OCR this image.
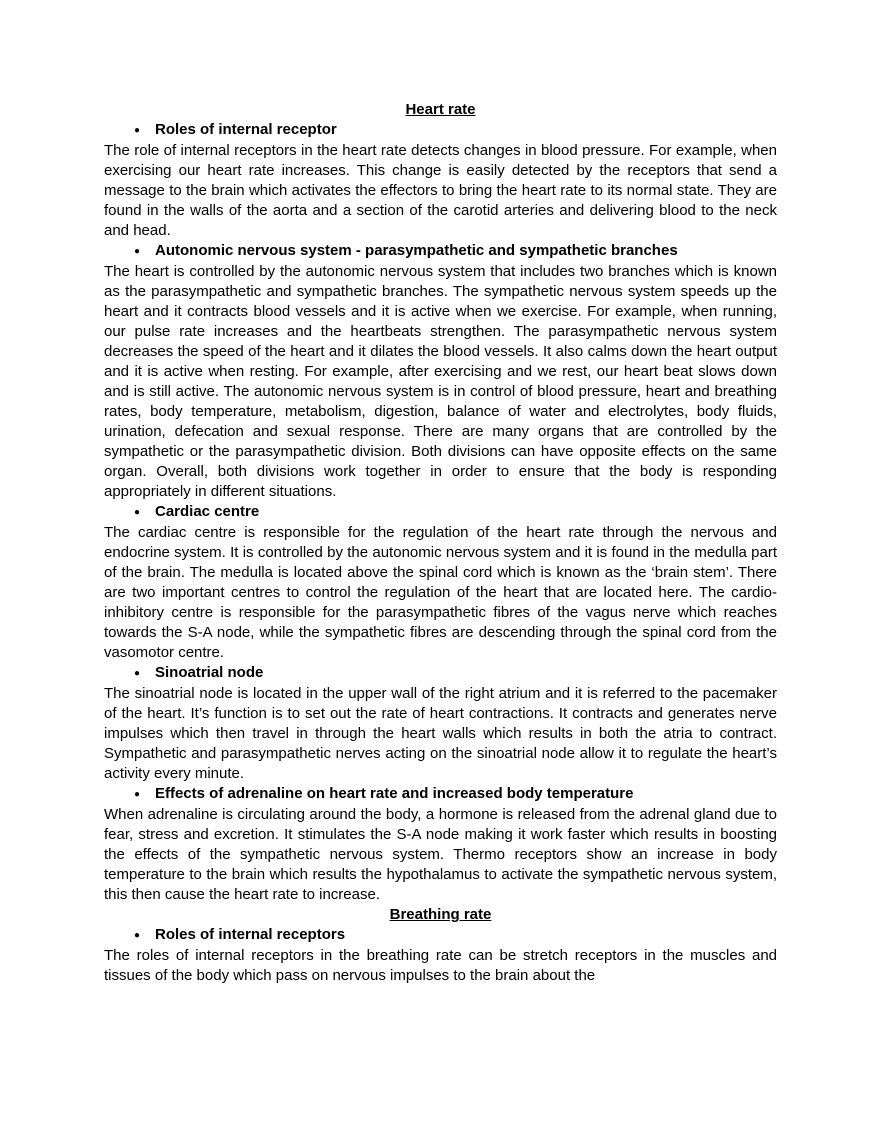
Heart rate
● Roles of internal receptor

The role of internal receptors in the heart rate detects changes in blood pressure. For example, when exercising our heart rate increases. This change is easily detected by the receptors that send a message to the brain which activates the effectors to bring the heart rate to its normal state. They are found in the walls of the aorta and a section of the carotid arteries and delivering blood to the neck and head.

● Autonomic nervous system - parasympathetic and sympathetic branches

The heart is controlled by the autonomic nervous system that includes two branches which is known as the parasympathetic and sympathetic branches. The sympathetic nervous system speeds up the heart and it contracts blood vessels and it is active when we exercise. For example, when running, our pulse rate increases and the heartbeats strengthen. The parasympathetic nervous system decreases the speed of the heart and it dilates the blood vessels. It also calms down the heart output and it is active when resting. For example, after exercising and we rest, our heart beat slows down and is still active. The autonomic nervous system is in control of blood pressure, heart and breathing rates, body temperature, metabolism, digestion, balance of water and electrolytes, body fluids, urination, defecation and sexual response. There are many organs that are controlled by the sympathetic or the parasympathetic division. Both divisions can have opposite effects on the same organ. Overall, both divisions work together in order to ensure that the body is responding appropriately in different situations.

● Cardiac centre

The cardiac centre is responsible for the regulation of the heart rate through the nervous and endocrine system. It is controlled by the autonomic nervous system and it is found in the medulla part of the brain. The medulla is located above the spinal cord which is known as the ‘brain stem’. There are two important centres to control the regulation of the heart that are located here. The cardio-inhibitory centre is responsible for the parasympathetic fibres of the vagus nerve which reaches towards the S-A node, while the sympathetic fibres are descending through the spinal cord from the vasomotor centre.

● Sinoatrial node

The sinoatrial node is located in the upper wall of the right atrium and it is referred to the pacemaker of the heart. It’s function is to set out the rate of heart contractions. It contracts and generates nerve impulses which then travel in through the heart walls which results in both the atria to contract. Sympathetic and parasympathetic nerves acting on the sinoatrial node allow it to regulate the heart’s activity every minute.

● Effects of adrenaline on heart rate and increased body temperature

When adrenaline is circulating around the body, a hormone is released from the adrenal gland due to fear, stress and excretion. It stimulates the S-A node making it work faster which results in boosting the effects of the sympathetic nervous system. Thermo receptors show an increase in body temperature to the brain which results the hypothalamus to activate the sympathetic nervous system, this then cause the heart rate to increase.

Breathing rate
● Roles of internal receptors

The roles of internal receptors in the breathing rate can be stretch receptors in the muscles and tissues of the body which pass on nervous impulses to the brain about the
